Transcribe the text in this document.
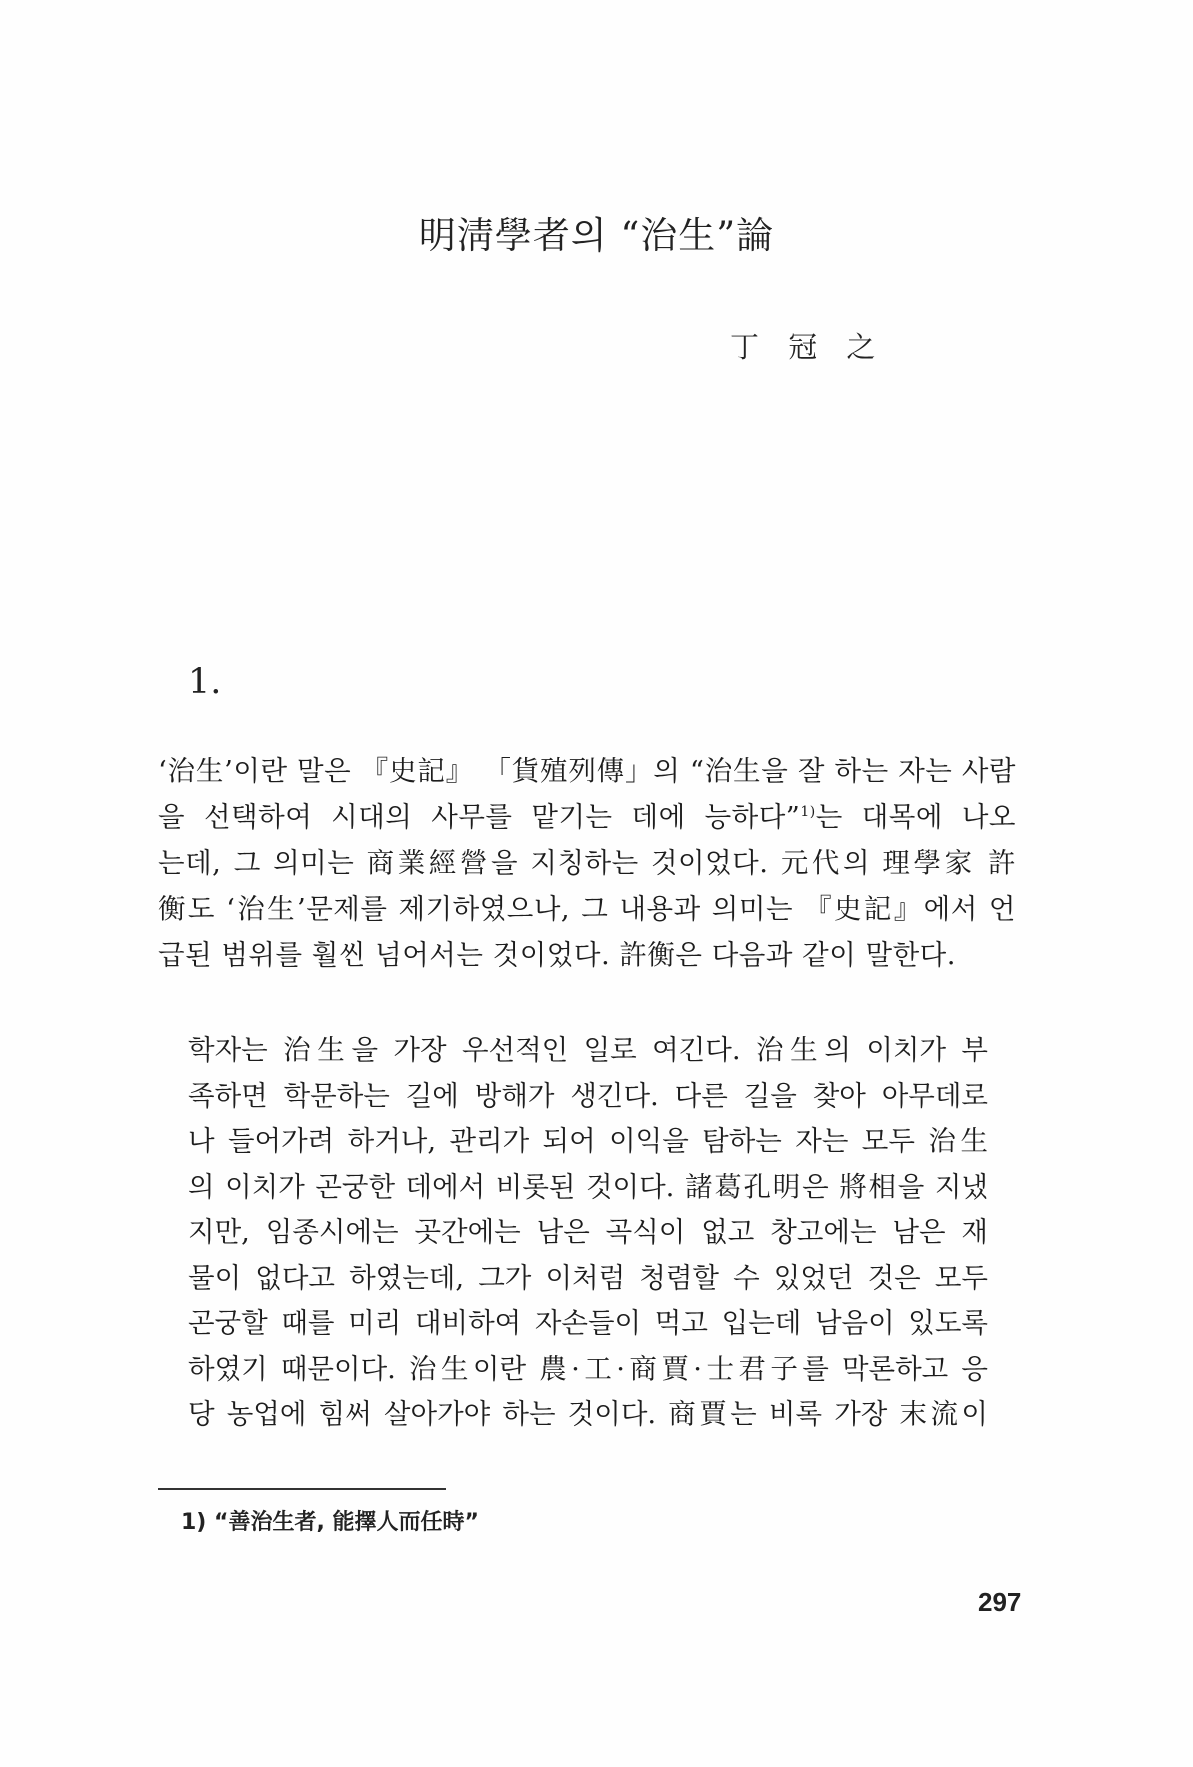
明淸學者의 “治生”論
丁 冠 之
1.
‘治生’이란 말은 『史記』 「貨殖列傳」의 “治生을 잘 하는 자는 사람
을 선택하여 시대의 사무를 맡기는 데에 능하다”$^{1)}$는 대목에 나오
는데, 그 의미는 商業經營을 지칭하는 것이었다. 元代의 理學家 許
衡도 ‘治生’문제를 제기하였으나, 그 내용과 의미는 『史記』에서 언
급된 범위를 훨씬 넘어서는 것이었다. 許衡은 다음과 같이 말한다.
학자는 治生을 가장 우선적인 일로 여긴다. 治生의 이치가 부
족하면 학문하는 길에 방해가 생긴다. 다른 길을 찾아 아무데로
나 들어가려 하거나, 관리가 되어 이익을 탐하는 자는 모두 治生
의 이치가 곤궁한 데에서 비롯된 것이다. 諸葛孔明은 將相을 지냈
지만, 임종시에는 곳간에는 남은 곡식이 없고 창고에는 남은 재
물이 없다고 하였는데, 그가 이처럼 청렴할 수 있었던 것은 모두
곤궁할 때를 미리 대비하여 자손들이 먹고 입는데 남음이 있도록
하였기 때문이다. 治生이란 農·工·商賈·士君子를 막론하고 응
당 농업에 힘써 살아가야 하는 것이다. 商賈는 비록 가장 末流이
1) “善治生者, 能擇人而任時”
297
